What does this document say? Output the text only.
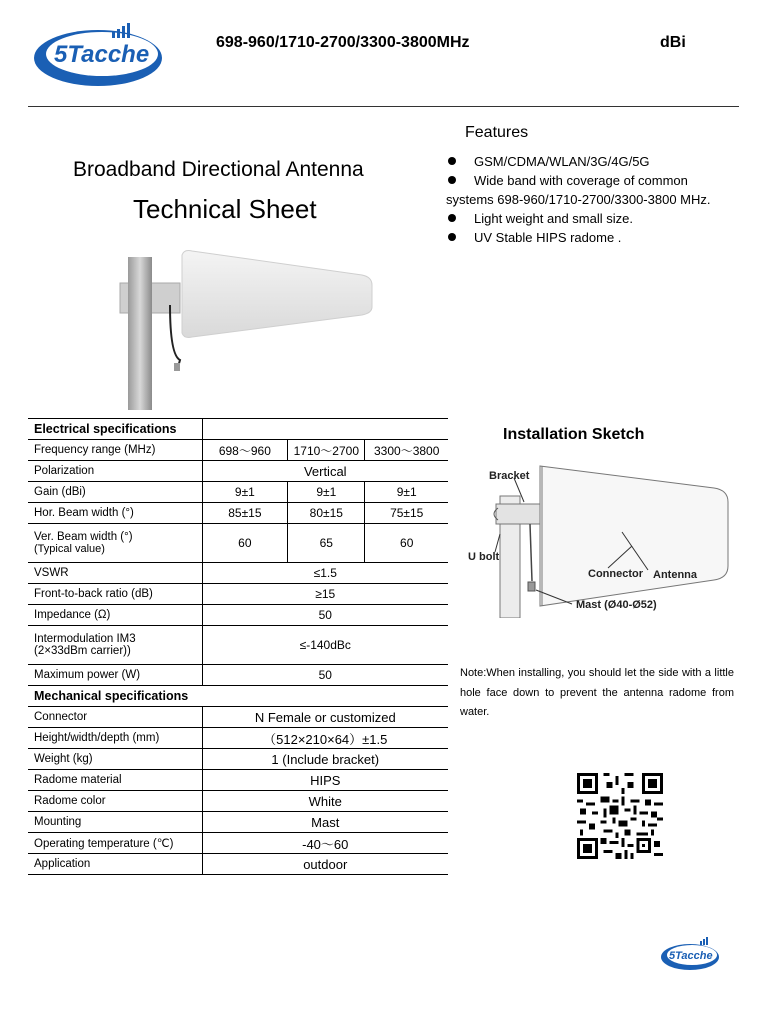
5Tacche	698-960/1710-2700/3300-3800MHz	dBi
Broadband Directional Antenna
Technical Sheet
Features
GSM/CDMA/WLAN/3G/4G/5G
Wide band with coverage of common
systems 698-960/1710-2700/3300-3800 MHz.
Light weight and small size.
UV Stable HIPS radome .
Electrical specifications			
Frequency range (MHz)	698～960	1710～2700	3300～3800
Polarization	Vertical		
Gain (dBi)	9±1	9±1	9±1
Hor. Beam width (°)	85±15	80±15	75±15

Ver. Beam width (°)
(Typical value)	60	65	60
VSWR	≤1.5		
Front-to-back ratio (dB)	≥15		
Impedance (Ω)	50		

Intermodulation IM3
(2×33dBm carrier))	≤-140dBc		
Maximum power (W)	50		
Mechanical specifications			
Connector	N Female or customized		
Height/width/depth (mm)	（512×210×64）±1.5		
Weight (kg)	1 (Include bracket)		
Radome material	HIPS		
Radome color	White		
Mounting	Mast		
Operating temperature (℃)	-40～60		
Application	outdoor		
Installation Sketch
Bracket
U bolt
Connector Antenna
Mast (Ø40-Ø52)
Note:When installing, you should let the side with a little hole face down to prevent the antenna radome from water.
5Tacche
